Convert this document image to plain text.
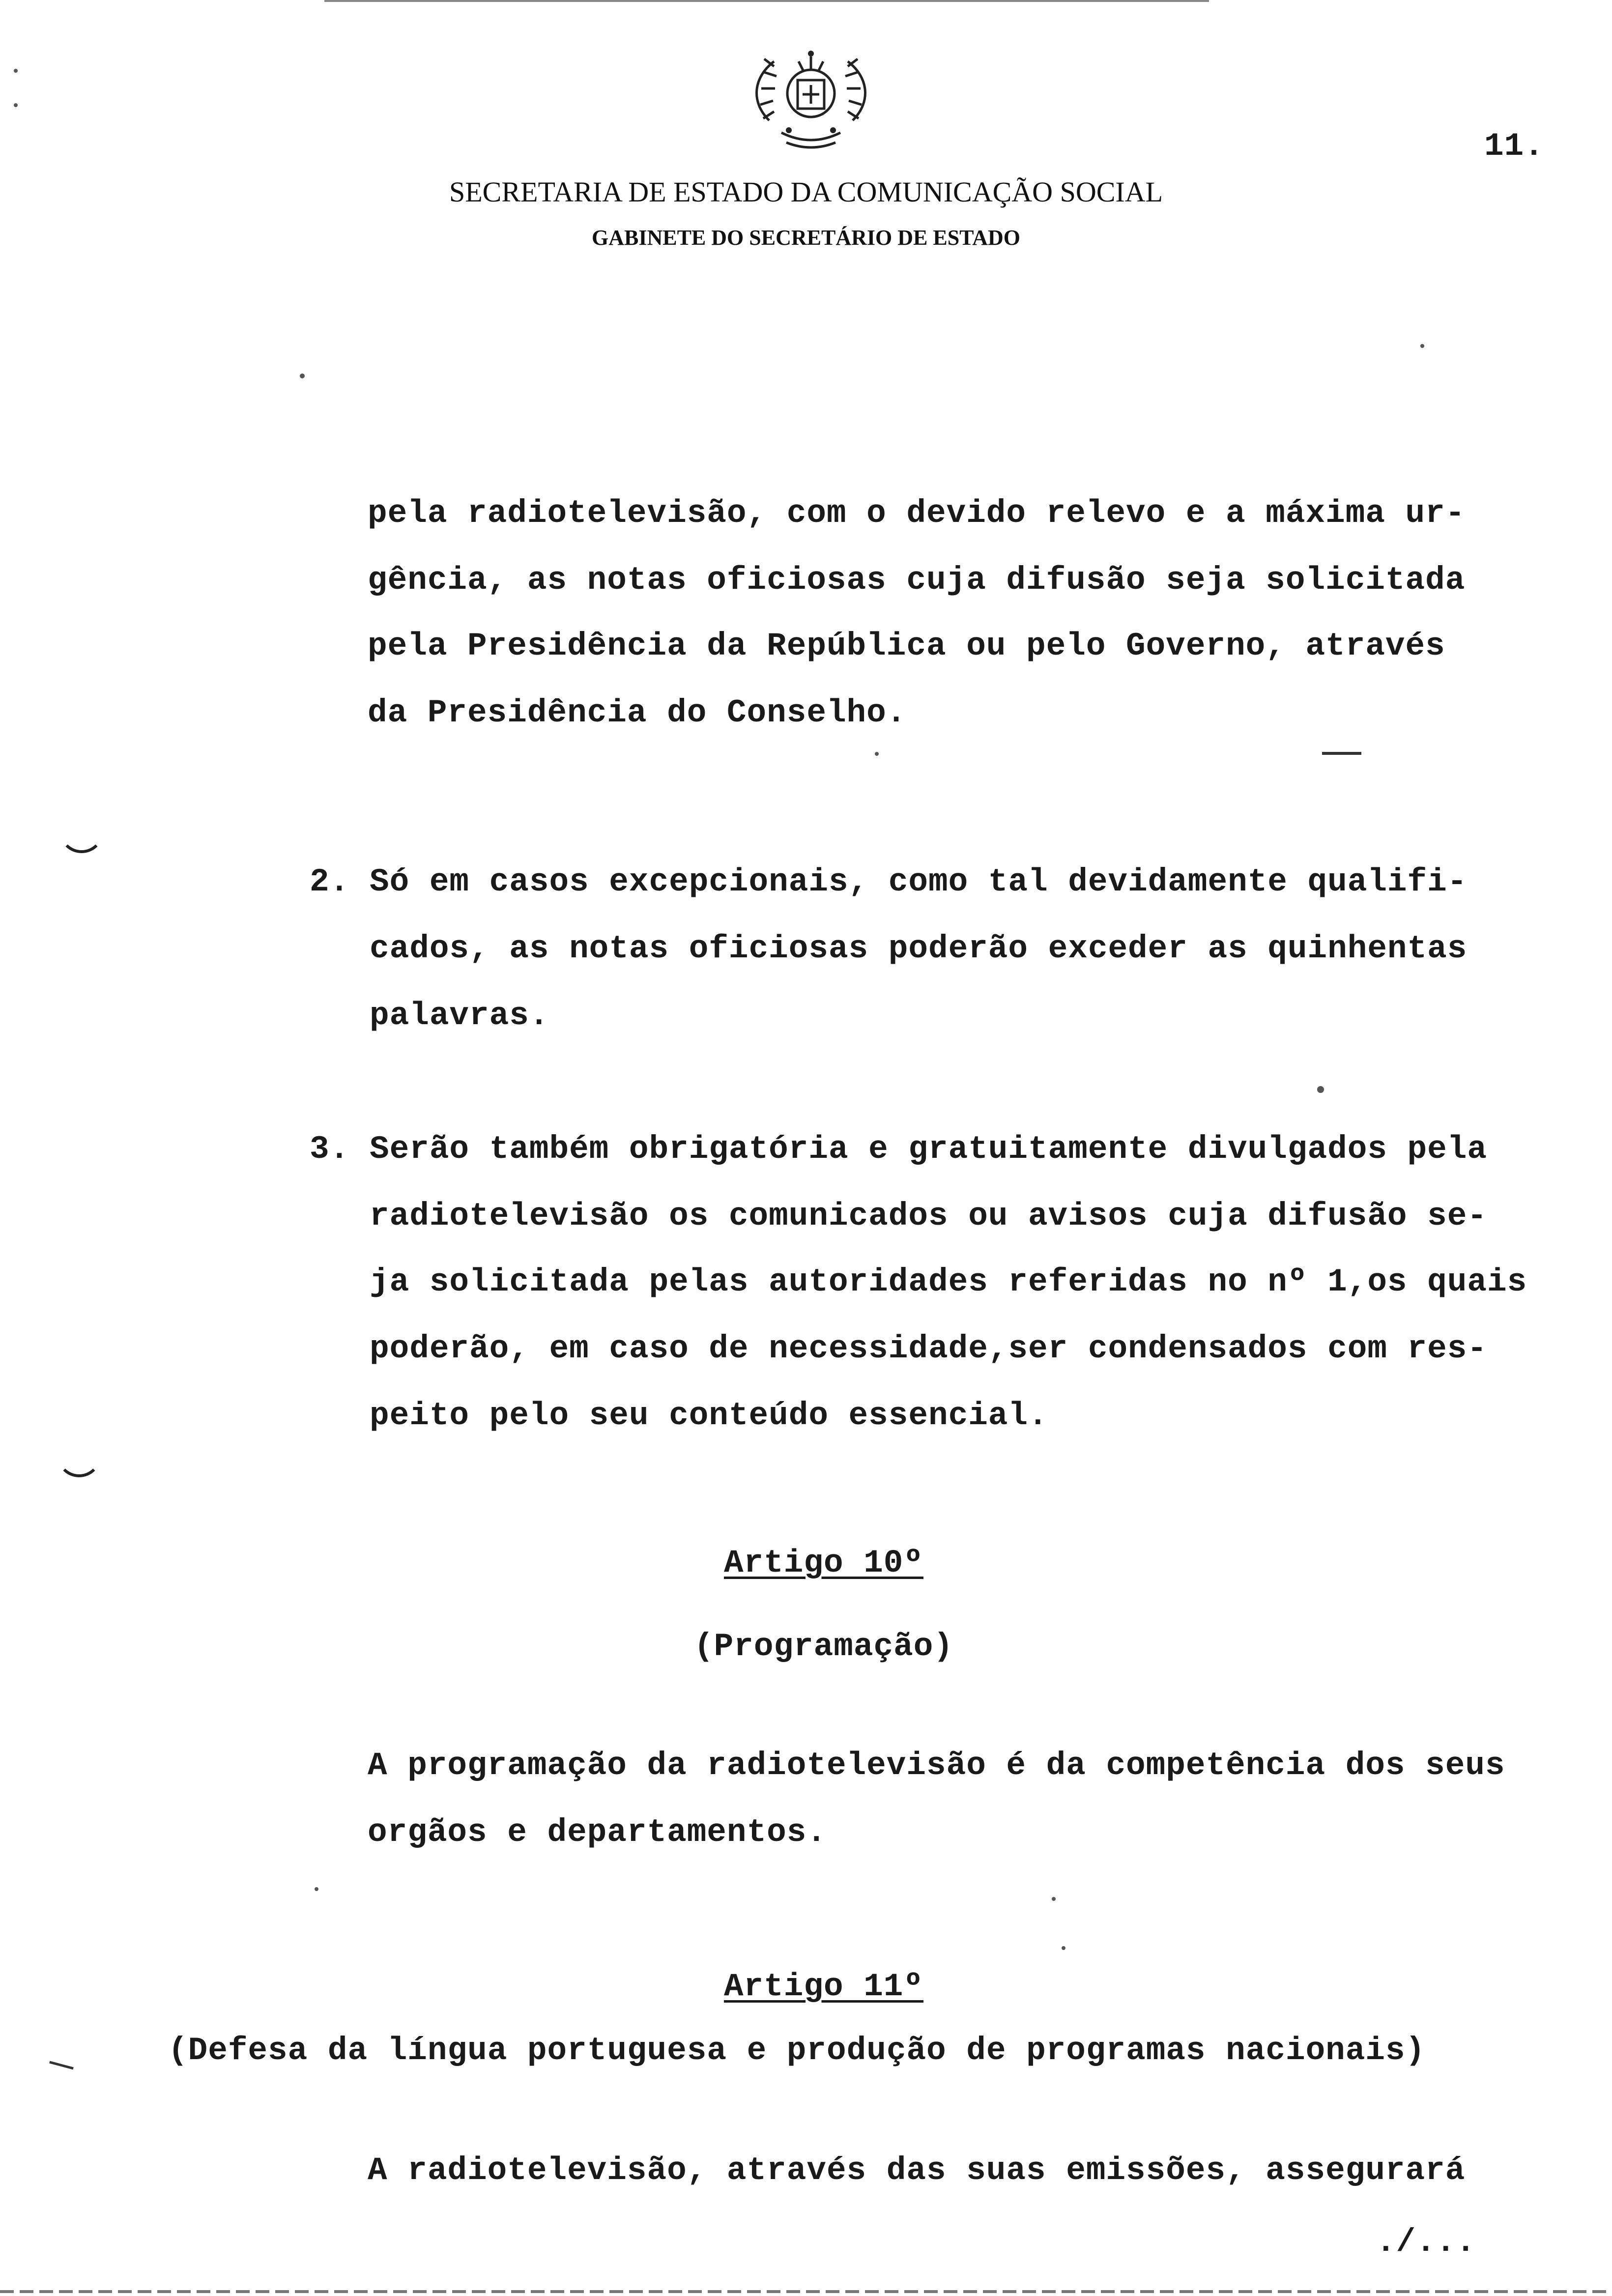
SECRETARIA DE ESTADO DA COMUNICAÇÃO SOCIAL
GABINETE DO SECRETÁRIO DE ESTADO
11.
pela radiotelevisão, com o devido relevo e a máxima ur-
gência, as notas oficiosas cuja difusão seja solicitada
pela Presidência da República ou pelo Governo, através
da Presidência do Conselho.
2. Só em casos excepcionais, como tal devidamente qualifi-
cados, as notas oficiosas poderão exceder as quinhentas
palavras.
3. Serão também obrigatória e gratuitamente divulgados pela
radiotelevisão os comunicados ou avisos cuja difusão se-
ja solicitada pelas autoridades referidas no nº 1,os quais
poderão, em caso de necessidade,ser condensados com res-
peito pelo seu conteúdo essencial.
Artigo 10º
(Programação)
A programação da radiotelevisão é da competência dos seus
orgãos e departamentos.
Artigo 11º
(Defesa da língua portuguesa e produção de programas nacionais)
A radiotelevisão, através das suas emissões, assegurará
./...
